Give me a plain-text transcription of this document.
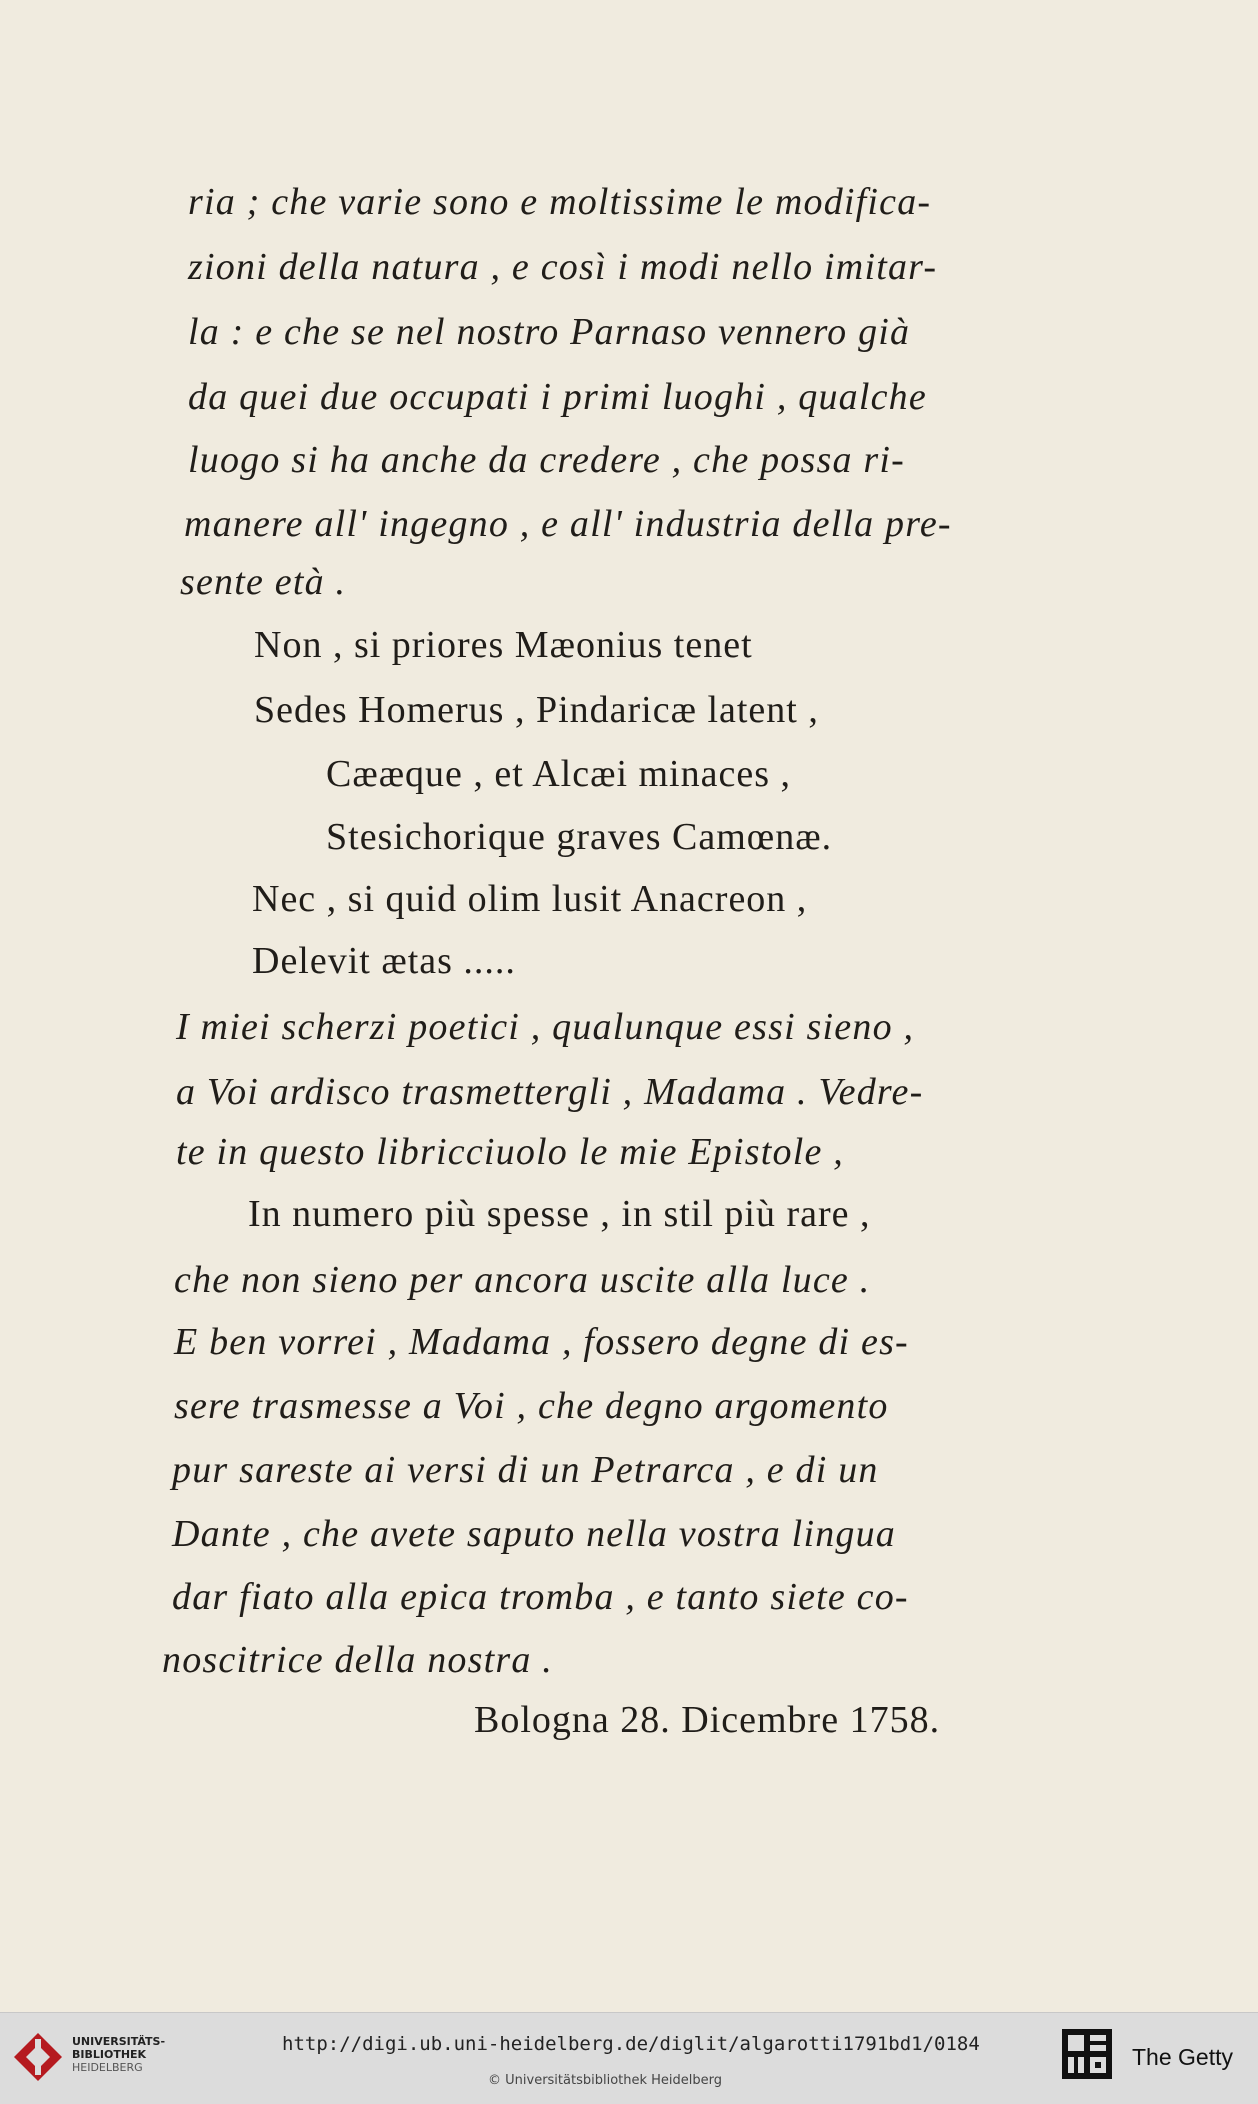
ria ; che varie sono e moltissime le modifica-
zioni della natura , e così i modi nello imitar-
la : e che se nel nostro Parnaso vennero già
da quei due occupati i primi luoghi , qualche
luogo si ha anche da credere , che possa ri-
manere all' ingegno , e all' industria della pre-
sente età .
Non , si priores Mæonius tenet
Sedes Homerus , Pindaricæ latent ,
Cææque , et Alcæi minaces ,
Stesichorique graves Camœnæ.
Nec , si quid olim lusit Anacreon ,
Delevit ætas .....
I miei scherzi poetici , qualunque essi sieno ,
a Voi ardisco trasmettergli , Madama . Vedre-
te in questo libricciuolo le mie Epistole ,
In numero più spesse , in stil più rare ,
che non sieno per ancora uscite alla luce .
E ben vorrei , Madama , fossero degne di es-
sere trasmesse a Voi , che degno argomento
pur sareste ai versi di un Petrarca , e di un
Dante , che avete saputo nella vostra lingua
dar fiato alla epica tromba , e tanto siete co-
noscitrice della nostra .
Bologna 28. Dicembre 1758.
UNIVERSITÄTS-
BIBLIOTHEK
HEIDELBERG
http://digi.ub.uni-heidelberg.de/diglit/algarotti1791bd1/0184
© Universitätsbibliothek Heidelberg
The Getty
